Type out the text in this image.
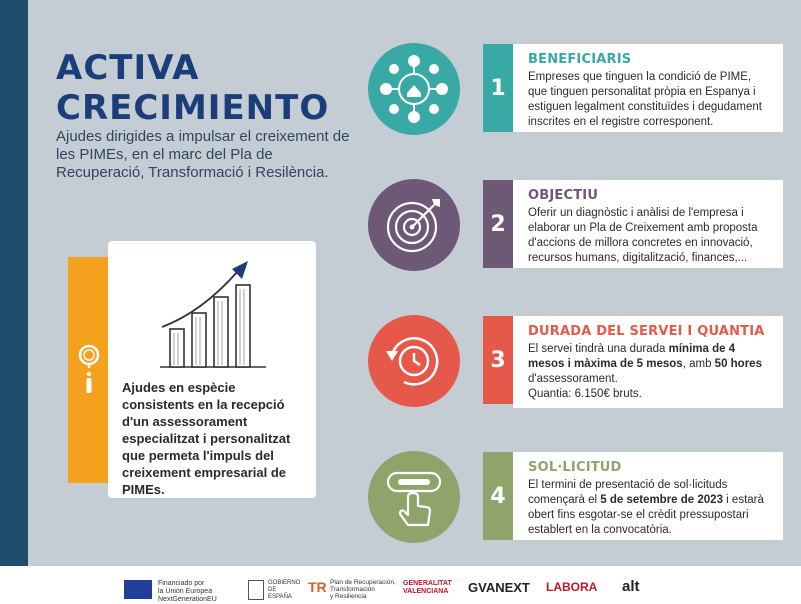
ACTIVA
CRECIMIENTO
Ajudes dirigides a impulsar el creixement de les PIMEs, en el marc del Pla de Recuperació, Transformació i Resilència.
Ajudes en espècie consistents en la recepció d'un assessorament especialitzat i personalitzat que permeta l'impuls del creixement empresarial de PIMEs.
1
BENEFICIARIS
Empreses que tinguen la condició de PIME, que tinguen personalitat pròpia en Espanya i estiguen legalment constituïdes i degudament inscrites en el registre corresponent.
2
OBJECTIU
Oferir un diagnòstic i anàlisi de l'empresa i elaborar un Pla de Creixement amb proposta d'accions de millora concretes en innovació, recursos humans, digitalització, finances,...
3
DURADA DEL SERVEI I QUANTIA
El servei tindrà una durada mínima de 4 mesos i màxima de 5 mesos, amb 50 hores d'assessorament.
Quantia: 6.150€ bruts.
4
SOL·LICITUD
El termini de presentació de sol·licituds començarà el 5 de setembre de 2023 i estarà obert fins esgotar-se el crèdit pressupostari establert en la convocatòria.
Financiado por
la Unión Europea
NextGenerationEU
GOBIERNO DE ESPAÑA
TR Plan de Recuperación,
Transformación
y Resiliencia
GENERALITAT
VALENCIANA GVANEXT LABORA alt
